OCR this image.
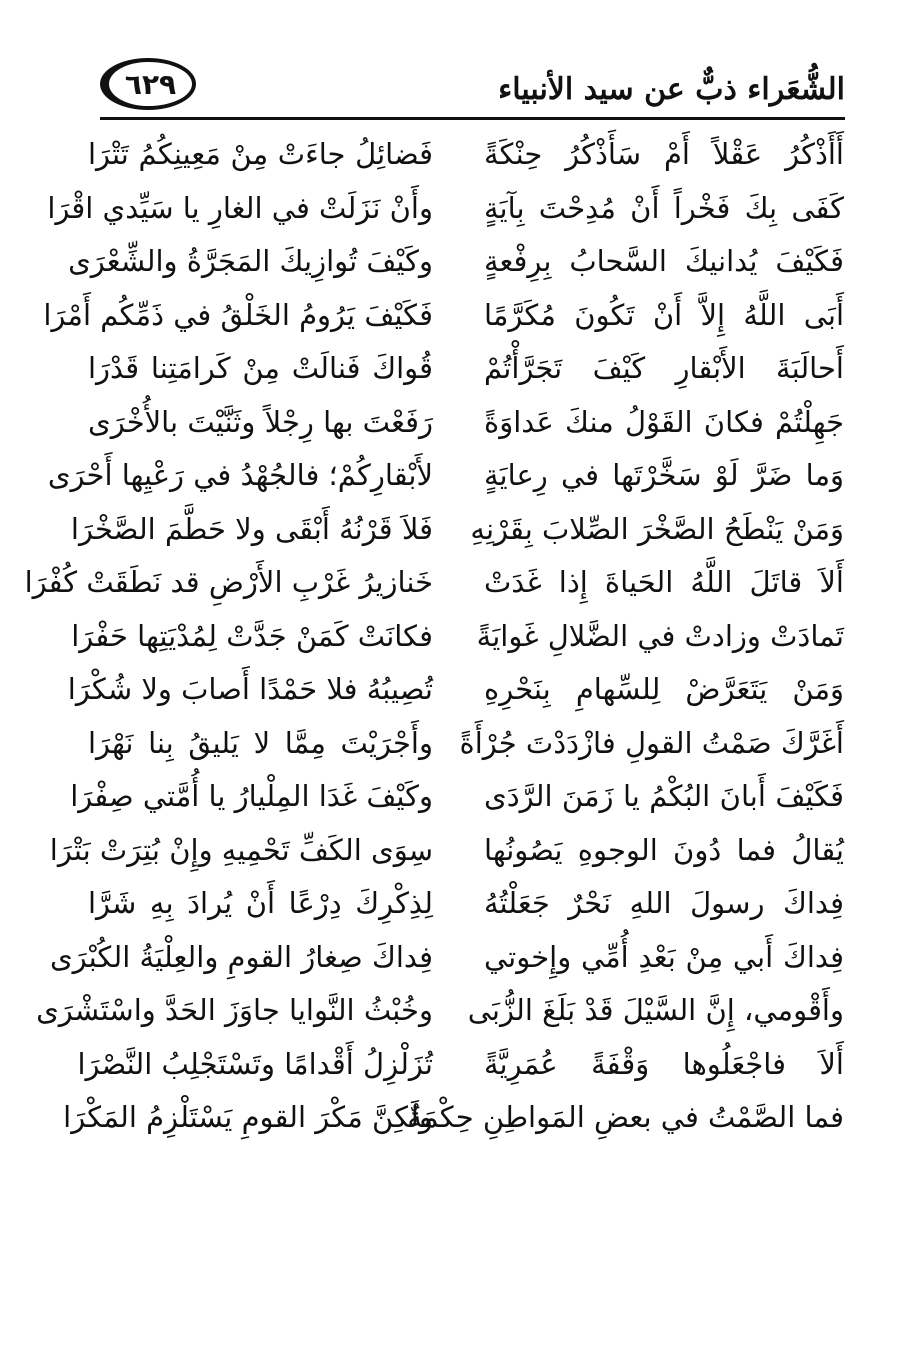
٦٢٩	الشُّعَراء ذبٌّ عن سيد الأنبياء
أَأَذْكُرُ عَقْلاً أَمْ سَأَذْكُرُ حِنْكَةً
كَفَى بِكَ فَخْراً أَنْ مُدِحْتَ بِآيَةٍ
فَكَيْفَ يُدانيكَ السَّحابُ بِرِفْعةٍ
أَبَى اللَّهُ إِلاَّ أَنْ تَكُونَ مُكَرَّمًا
أَحالَبَةَ الأَبْقارِ كَيْفَ تَجَرَّأْتُمْ
جَهِلْتُمْ فكانَ القَوْلُ منكَ عَداوَةً
وَما ضَرَّ لَوْ سَخَّرْتَها في رِعايَةٍ
وَمَنْ يَنْطَحُ الصَّخْرَ الصِّلابَ بِقَرْنِهِ
أَلاَ قاتَلَ اللَّهُ الحَياةَ إِذا غَدَتْ
تَمادَتْ وزادتْ في الضَّلالِ غَوايَةً
وَمَنْ يَتَعَرَّضْ لِلسِّهامِ بِنَحْرِهِ
أَغَرَّكَ صَمْتُ القولِ فازْدَدْتَ جُرْأَةً
فَكَيْفَ أَبانَ البُكْمُ يا زَمَنَ الرَّدَى
يُقالُ فما دُونَ الوجوهِ يَصُونُها
فِداكَ رسولَ اللهِ نَحْرٌ جَعَلْتُهُ
فِداكَ أَبي مِنْ بَعْدِ أُمِّي وإِخوتي
وأَقْومي، إِنَّ السَّيْلَ قَدْ بَلَغَ الزُّبَى
أَلاَ فاجْعَلُوها وَقْفَةً عُمَرِيَّةً
فما الصَّمْتُ في بعضِ المَواطِنِ حِكْمَةٌ
فَضائِلُ جاءَتْ مِنْ مَعِينِكُمُ تَتْرَا
وأَنْ نَزَلَتْ في الغارِ يا سَيِّدي اقْرَا
وكَيْفَ تُوازِيكَ المَجَرَّةُ والشِّعْرَى
فَكَيْفَ يَرُومُ الخَلْقُ في ذَمِّكُم أَمْرَا
قُواكَ فَنالَتْ مِنْ كَرامَتِنا قَدْرَا
رَفَعْتَ بها رِجْلاً وثَنَّيْتَ بالأُخْرَى
لأَبْقارِكُمْ؛ فالجُهْدُ في رَعْيِها أَحْرَى
فَلاَ قَرْنُهُ أَبْقَى ولا حَطَّمَ الصَّخْرَا
خَنازيرُ غَرْبِ الأَرْضِ قد نَطَقَتْ كُفْرَا
فكانَتْ كَمَنْ جَدَّتْ لِمُدْيَتِها حَفْرَا
تُصِيبُهُ فلا حَمْدًا أَصابَ ولا شُكْرَا
وأَجْرَيْتَ مِمَّا لا يَليقُ بِنا نَهْرَا
وكَيْفَ غَدَا المِلْيارُ يا أُمَّتي صِفْرَا
سِوَى الكَفِّ تَحْمِيهِ وإِنْ بُتِرَتْ بَتْرَا
لِذِكْرِكَ دِرْعًا أَنْ يُرادَ بِهِ شَرَّا
فِداكَ صِغارُ القومِ والعِلْيَةُ الكُبْرَى
وخُبْثُ النَّوايا جاوَزَ الحَدَّ واسْتَشْرَى
تُزَلْزِلُ أَقْدامًا وتَسْتَجْلِبُ النَّصْرَا
ولَكِنَّ مَكْرَ القومِ يَسْتَلْزِمُ المَكْرَا
